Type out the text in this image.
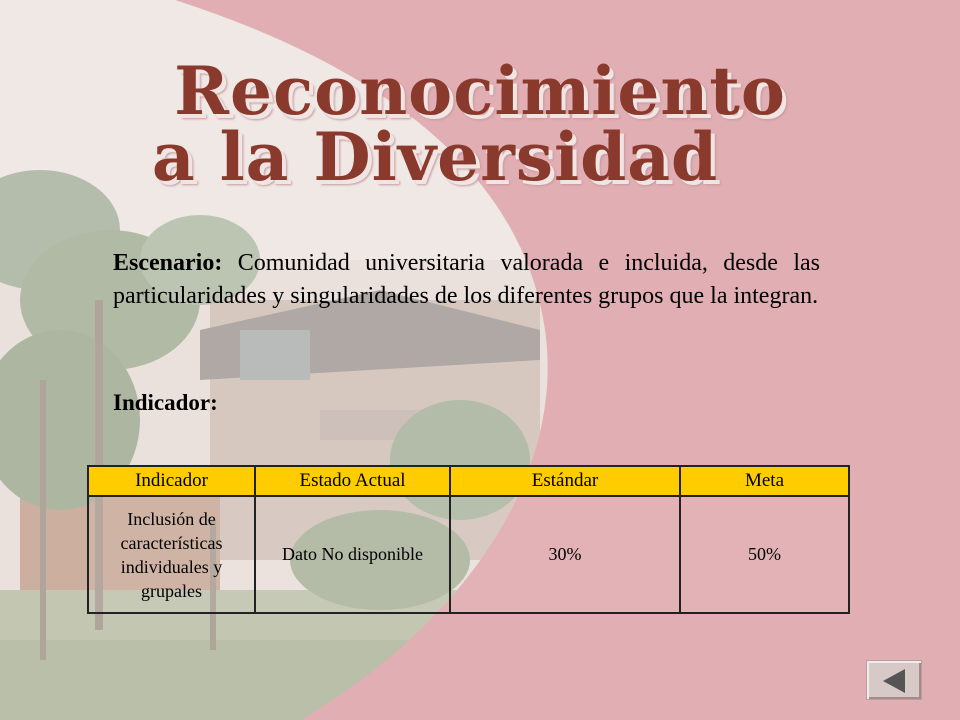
Reconocimiento
a la Diversidad
Escenario: Comunidad universitaria valorada e incluida, desde las particularidades y singularidades de los diferentes grupos que la integran.
Indicador:
Indicador	Estado Actual	Estándar	Meta
Inclusión de características individuales y grupales	Dato No disponible	30%	50%
